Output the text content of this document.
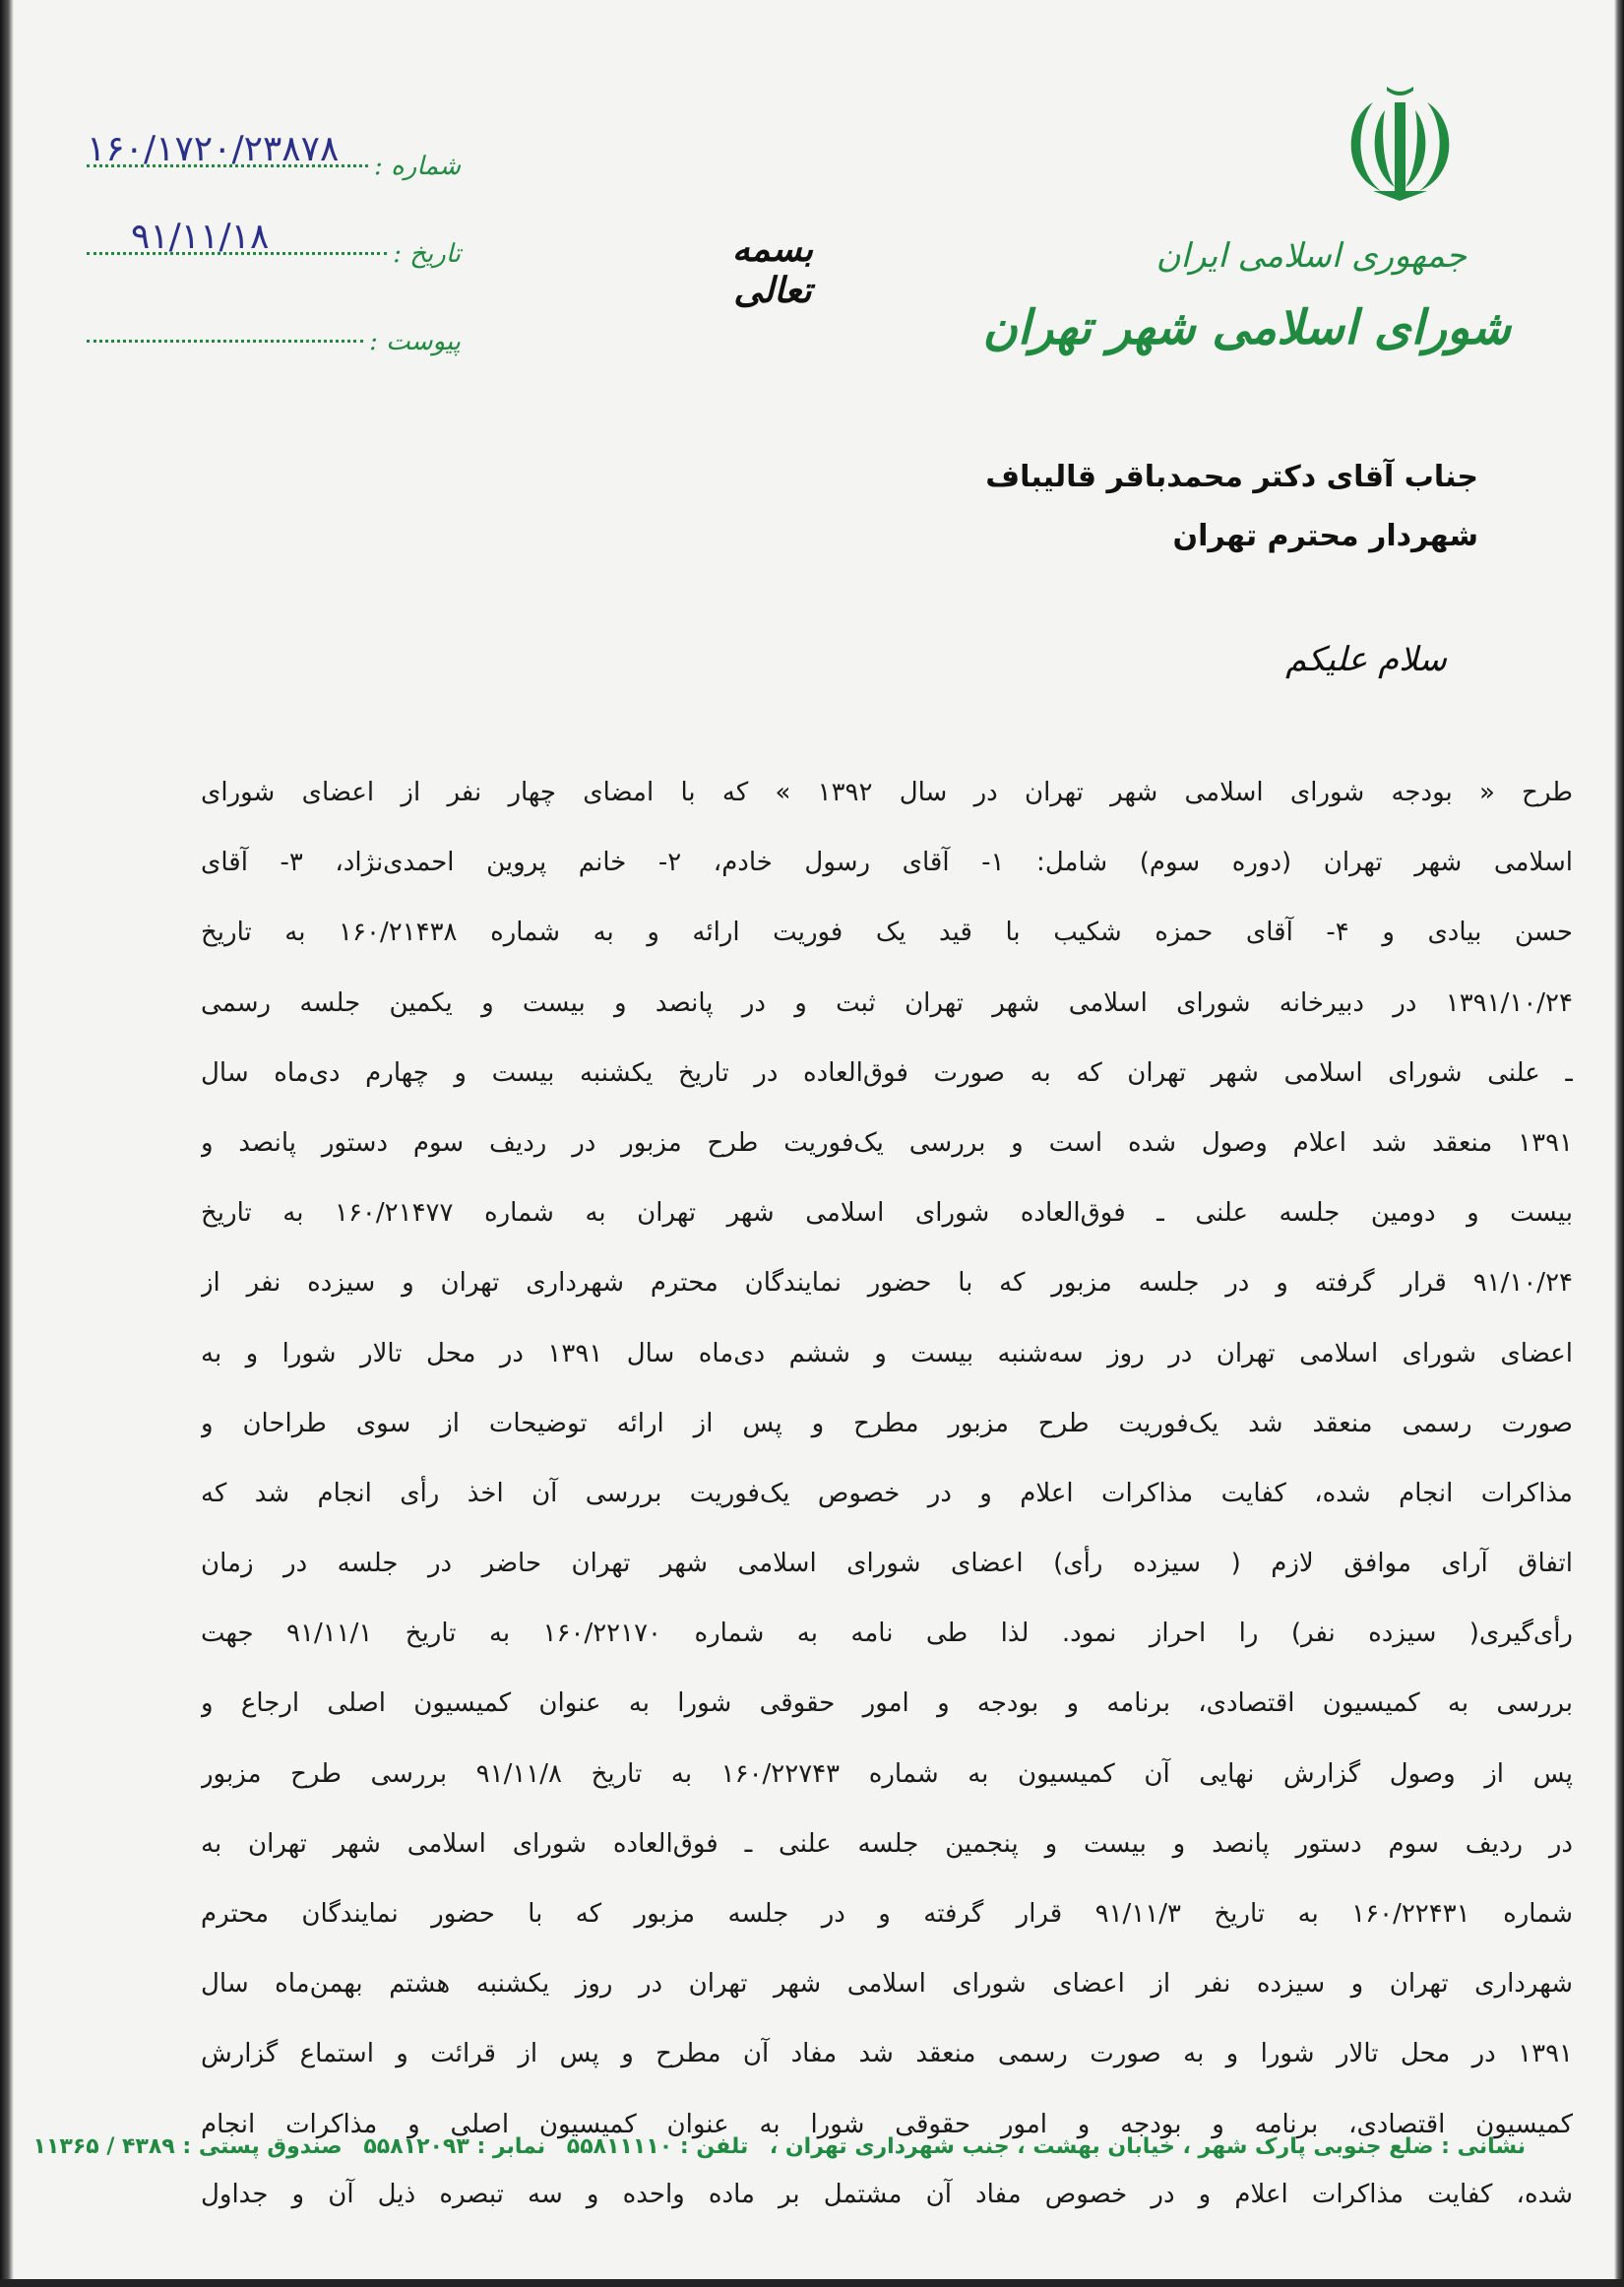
شماره :
۱۶۰/۱۷۲۰/۲۳۸۷۸
تاریخ :
۹۱/۱۱/۱۸
پیوست :
بسمه تعالی
جمهوری اسلامی ایران
شورای اسلامی شهر تهران
جناب آقای دکتر محمدباقر قالیباف
شهردار محترم تهران
سلام علیکم
طرح « بودجه شورای اسلامی شهر تهران در سال ۱۳۹۲ » که با امضای چهار نفر از اعضای شورای
اسلامی شهر تهران (دوره سوم) شامل: ۱- آقای رسول خادم، ۲- خانم پروین احمدی‌نژاد، ۳- آقای
حسن بیادی و ۴- آقای حمزه شکیب با قید یک فوریت ارائه و به شماره ۱۶۰/۲۱۴۳۸ به تاریخ
۱۳۹۱/۱۰/۲۴ در دبیرخانه شورای اسلامی شهر تهران ثبت و در پانصد و بیست و یکمین جلسه رسمی
ـ علنی شورای اسلامی شهر تهران که به صورت فوق‌العاده در تاریخ یکشنبه بیست و چهارم دی‌ماه سال
۱۳۹۱ منعقد شد اعلام وصول شده است و بررسی یک‌فوریت طرح مزبور در ردیف سوم دستور پانصد و
بیست و دومین جلسه علنی ـ فوق‌العاده شورای اسلامی شهر تهران به شماره ۱۶۰/۲۱۴۷۷ به تاریخ
۹۱/۱۰/۲۴ قرار گرفته و در جلسه مزبور که با حضور نمایندگان محترم شهرداری تهران و سیزده نفر از
اعضای شورای اسلامی تهران در روز سه‌شنبه بیست و ششم دی‌ماه سال ۱۳۹۱ در محل تالار شورا و به
صورت رسمی منعقد شد یک‌فوریت طرح مزبور مطرح و پس از ارائه توضیحات از سوی طراحان و
مذاکرات انجام شده، کفایت مذاکرات اعلام و در خصوص یک‌فوریت بررسی آن اخذ رأی انجام شد که
اتفاق آرای موافق لازم ( سیزده رأی) اعضای شورای اسلامی شهر تهران حاضر در جلسه در زمان
رأی‌گیری( سیزده نفر) را احراز نمود. لذا طی نامه به شماره ۱۶۰/۲۲۱۷۰ به تاریخ ۹۱/۱۱/۱ جهت
بررسی به کمیسیون اقتصادی، برنامه و بودجه و امور حقوقی شورا به عنوان کمیسیون اصلی ارجاع و
پس از وصول گزارش نهایی آن کمیسیون به شماره ۱۶۰/۲۲۷۴۳ به تاریخ ۹۱/۱۱/۸ بررسی طرح مزبور
در ردیف سوم دستور پانصد و بیست و پنجمین جلسه علنی ـ فوق‌العاده شورای اسلامی شهر تهران به
شماره ۱۶۰/۲۲۴۳۱ به تاریخ ۹۱/۱۱/۳ قرار گرفته و در جلسه مزبور که با حضور نمایندگان محترم
شهرداری تهران و سیزده نفر از اعضای شورای اسلامی شهر تهران در روز یکشنبه هشتم بهمن‌ماه سال
۱۳۹۱ در محل تالار شورا و به صورت رسمی منعقد شد مفاد آن مطرح و پس از قرائت و استماع گزارش
کمیسیون اقتصادی، برنامه و بودجه و امور حقوقی شورا به عنوان کمیسیون اصلی و مذاکرات انجام
شده، کفایت مذاکرات اعلام و در خصوص مفاد آن مشتمل بر ماده واحده و سه تبصره ذیل آن و جداول
نشانی : ضلع جنوبی پارک شهر ، خیابان بهشت ، جنب شهرداری تهران ، تلفن : ۵۵۸۱۱۱۱۰ نمابر : ۵۵۸۱۲۰۹۳ صندوق پستی : ۴۳۸۹ / ۱۱۳۶۵
